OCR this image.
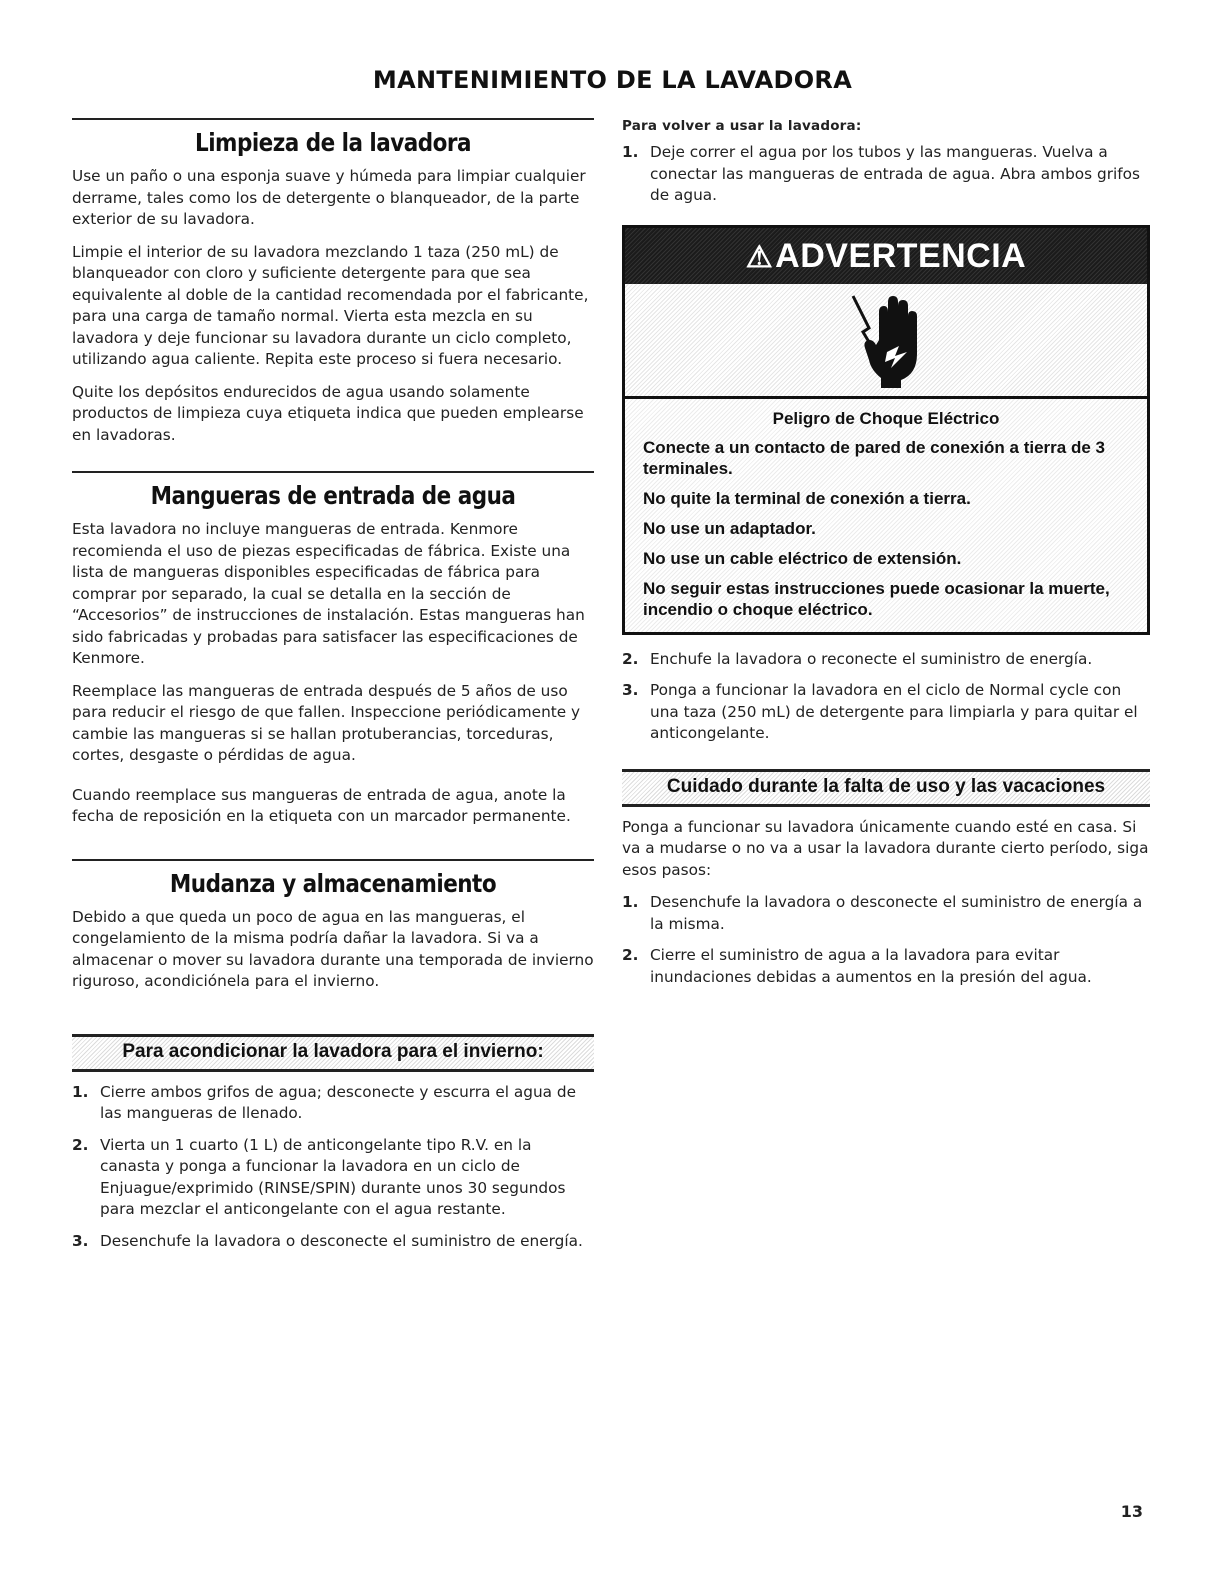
MANTENIMIENTO DE LA LAVADORA
Limpieza de la lavadora

Use un paño o una esponja suave y húmeda para limpiar cualquier derrame, tales como los de detergente o blanqueador, de la parte exterior de su lavadora.

Limpie el interior de su lavadora mezclando 1 taza (250 mL) de blanqueador con cloro y suficiente detergente para que sea equivalente al doble de la cantidad recomendada por el fabricante, para una carga de tamaño normal. Vierta esta mezcla en su lavadora y deje funcionar su lavadora durante un ciclo completo, utilizando agua caliente. Repita este proceso si fuera necesario.

Quite los depósitos endurecidos de agua usando solamente productos de limpieza cuya etiqueta indica que pueden emplearse en lavadoras.

Mangueras de entrada de agua

Esta lavadora no incluye mangueras de entrada. Kenmore recomienda el uso de piezas especificadas de fábrica. Existe una lista de mangueras disponibles especificadas de fábrica para comprar por separado, la cual se detalla en la sección de “Accesorios” de instrucciones de instalación. Estas mangueras han sido fabricadas y probadas para satisfacer las especificaciones de Kenmore.

Reemplace las mangueras de entrada después de 5 años de uso para reducir el riesgo de que fallen. Inspeccione periódicamente y cambie las mangueras si se hallan protuberancias, torceduras, cortes, desgaste o pérdidas de agua.

Cuando reemplace sus mangueras de entrada de agua, anote la fecha de reposición en la etiqueta con un marcador permanente.

Mudanza y almacenamiento

Debido a que queda un poco de agua en las mangueras, el congelamiento de la misma podría dañar la lavadora. Si va a almacenar o mover su lavadora durante una temporada de invierno riguroso, acondiciónela para el invierno.

Para acondicionar la lavadora para el invierno:
1. Cierre ambos grifos de agua; desconecte y escurra el agua de las mangueras de llenado.
2. Vierta un 1 cuarto (1 L) de anticongelante tipo R.V. en la canasta y ponga a funcionar la lavadora en un ciclo de Enjuague/exprimido (RINSE/SPIN) durante unos 30 segundos para mezclar el anticongelante con el agua restante.
3. Desenchufe la lavadora o desconecte el suministro de energía.
Para volver a usar la lavadora:
1. Deje correr el agua por los tubos y las mangueras. Vuelva a conectar las mangueras de entrada de agua. Abra ambos grifos de agua.
⚠ADVERTENCIA
Peligro de Choque Eléctrico
Conecte a un contacto de pared de conexión a tierra de 3 terminales.
No quite la terminal de conexión a tierra.
No use un adaptador.
No use un cable eléctrico de extensión.
No seguir estas instrucciones puede ocasionar la muerte, incendio o choque eléctrico.
2. Enchufe la lavadora o reconecte el suministro de energía.
3. Ponga a funcionar la lavadora en el ciclo de Normal cycle con una taza (250 mL) de detergente para limpiarla y para quitar el anticongelante.
Cuidado durante la falta de uso y las vacaciones

Ponga a funcionar su lavadora únicamente cuando esté en casa. Si va a mudarse o no va a usar la lavadora durante cierto período, siga esos pasos:

1. Desenchufe la lavadora o desconecte el suministro de energía a la misma.
2. Cierre el suministro de agua a la lavadora para evitar inundaciones debidas a aumentos en la presión del agua.
13
